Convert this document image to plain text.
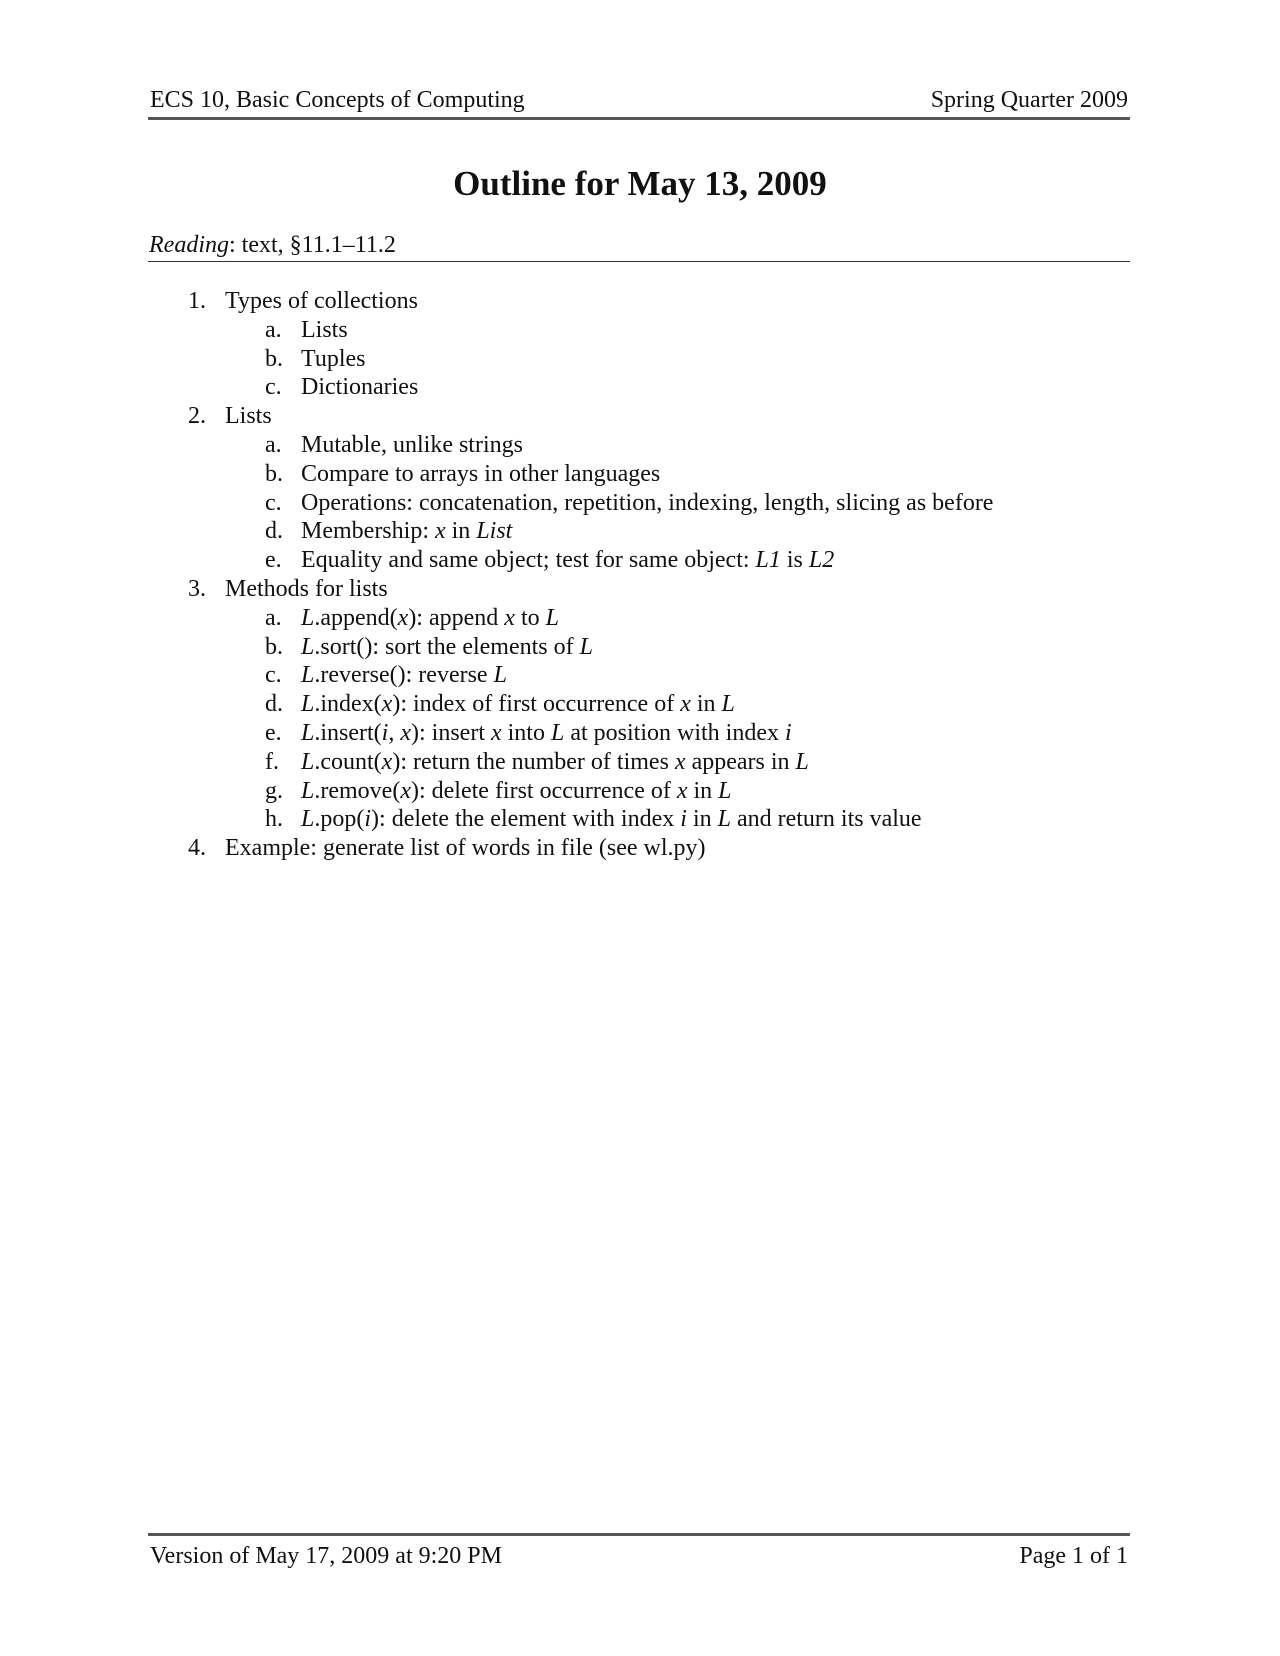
ECS 10, Basic Concepts of Computing	Spring Quarter 2009
Outline for May 13, 2009
Reading: text, §11.1–11.2
1. Types of collections
a. Lists
b. Tuples
c. Dictionaries
2. Lists
a. Mutable, unlike strings
b. Compare to arrays in other languages
c. Operations: concatenation, repetition, indexing, length, slicing as before
d. Membership: x in List
e. Equality and same object; test for same object: L1 is L2
3. Methods for lists
a. L.append(x): append x to L
b. L.sort(): sort the elements of L
c. L.reverse(): reverse L
d. L.index(x): index of first occurrence of x in L
e. L.insert(i, x): insert x into L at position with index i
f. L.count(x): return the number of times x appears in L
g. L.remove(x): delete first occurrence of x in L
h. L.pop(i): delete the element with index i in L and return its value
4. Example: generate list of words in file (see wl.py)
Version of May 17, 2009 at 9:20 PM	Page 1 of 1
